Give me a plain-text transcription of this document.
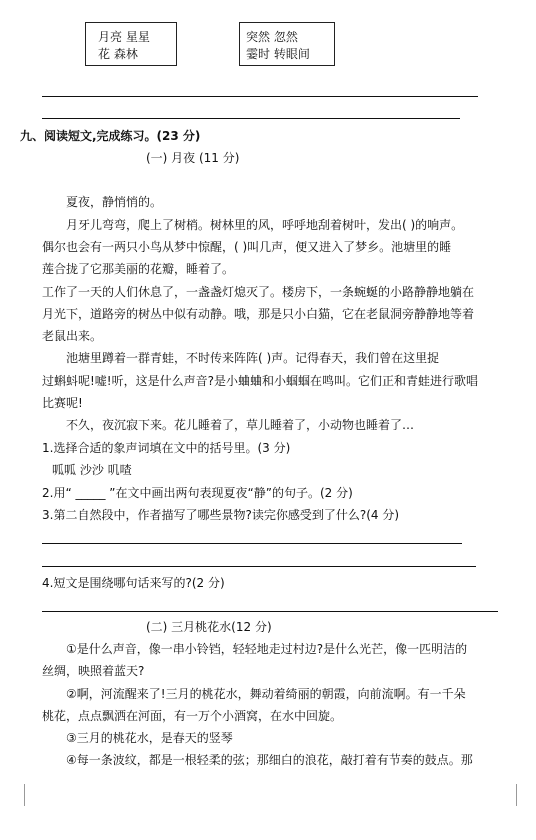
月亮 星星
花 森林
突然 忽然
霎时 转眼间
九、阅读短文,完成练习。(23 分)
(一) 月夜 (11 分)
夏夜，静悄悄的。
月牙儿弯弯，爬上了树梢。树林里的风，呼呼地刮着树叶，发出( )的响声。
偶尔也会有一两只小鸟从梦中惊醒，( )叫几声，便又进入了梦乡。池塘里的睡
莲合拢了它那美丽的花瓣，睡着了。
工作了一天的人们休息了，一盏盏灯熄灭了。楼房下，一条蜿蜒的小路静静地躺在
月光下，道路旁的树丛中似有动静。哦，那是只小白猫，它在老鼠洞旁静静地等着
老鼠出来。
池塘里蹲着一群青蛙，不时传来阵阵( )声。记得春天，我们曾在这里捉
过蝌蚪呢!嘘!听，这是什么声音?是小蛐蛐和小蝈蝈在鸣叫。它们正和青蛙进行歌唱
比赛呢!
不久，夜沉寂下来。花儿睡着了，草儿睡着了，小动物也睡着了…
1.选择合适的象声词填在文中的括号里。(3 分)
呱呱 沙沙 叽喳
2.用“ _____ ”在文中画出两句表现夏夜“静”的句子。(2 分)
3.第二自然段中，作者描写了哪些景物?读完你感受到了什么?(4 分)
4.短文是围绕哪句话来写的?(2 分)
(二) 三月桃花水(12 分)
①是什么声音，像一串小铃铛，轻轻地走过村边?是什么光芒，像一匹明洁的
丝绸，映照着蓝天?
②啊，河流醒来了!三月的桃花水，舞动着绮丽的朝霞，向前流啊。有一千朵
桃花，点点飘洒在河面，有一万个小酒窝，在水中回旋。
③三月的桃花水，是春天的竖琴
④每一条波纹，都是一根轻柔的弦；那细白的浪花，敲打着有节奏的鼓点。那
